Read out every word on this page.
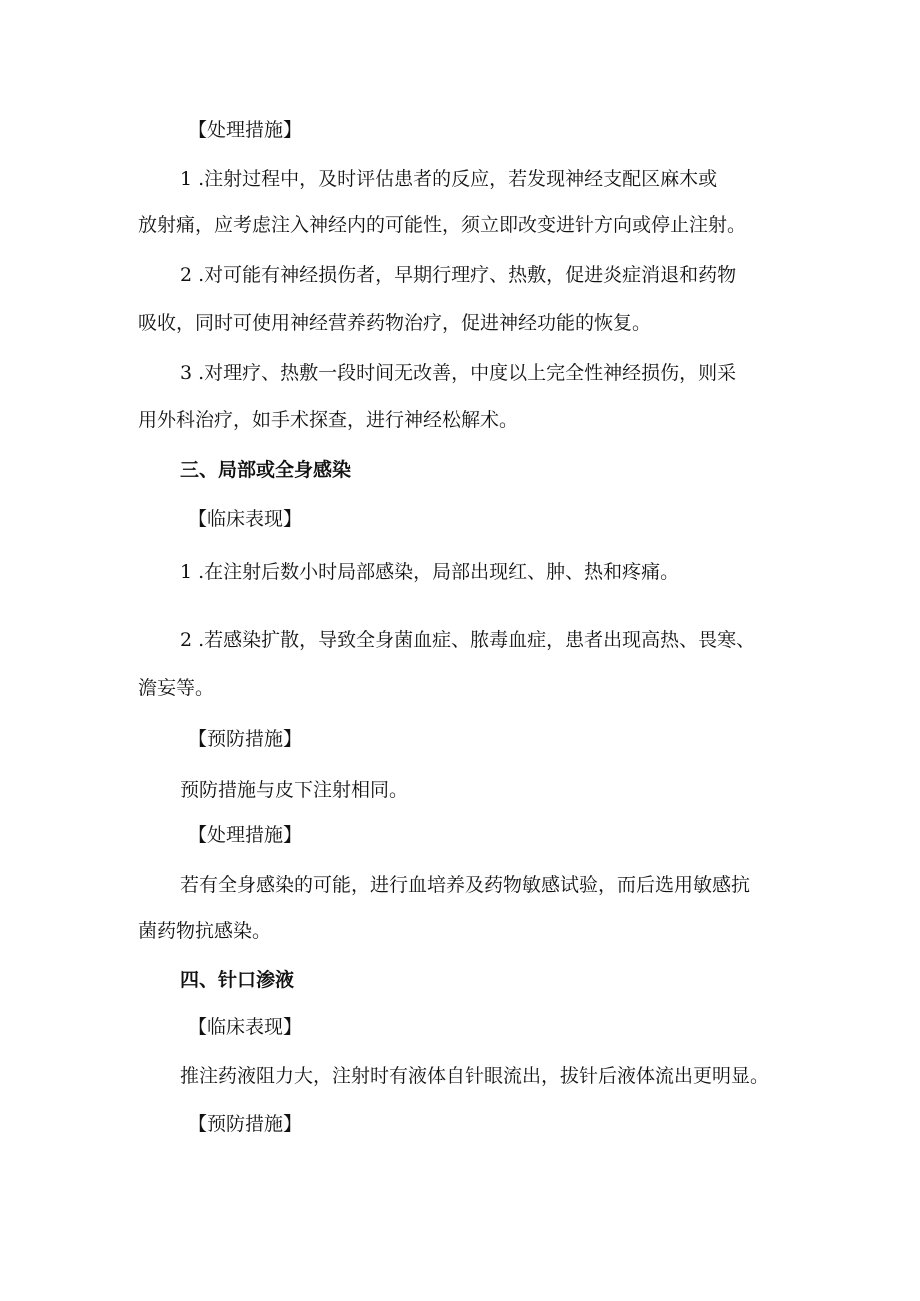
【处理措施】
1 .注射过程中，及时评估患者的反应，若发现神经支配区麻木或
放射痛，应考虑注入神经内的可能性，须立即改变进针方向或停止注射。
2 .对可能有神经损伤者，早期行理疗、热敷，促进炎症消退和药物
吸收，同时可使用神经营养药物治疗，促进神经功能的恢复。
3 .对理疗、热敷一段时间无改善，中度以上完全性神经损伤，则采
用外科治疗，如手术探查，进行神经松解术。
三、局部或全身感染
【临床表现】
1 .在注射后数小时局部感染，局部出现红、肿、热和疼痛。
2 .若感染扩散，导致全身菌血症、脓毒血症，患者出现高热、畏寒、
澹妄等。
【预防措施】
预防措施与皮下注射相同。
【处理措施】
若有全身感染的可能，进行血培养及药物敏感试验，而后选用敏感抗
菌药物抗感染。
四、针口渗液
【临床表现】
推注药液阻力大，注射时有液体自针眼流出，拔针后液体流出更明显。
【预防措施】
